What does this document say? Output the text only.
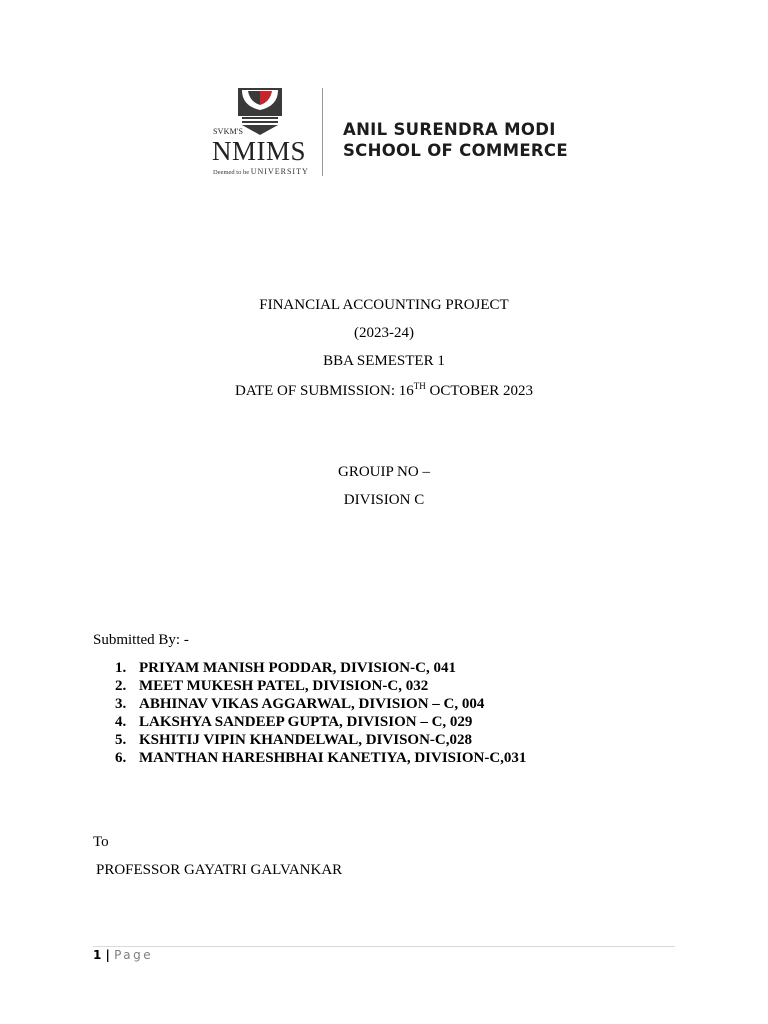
SVKM'S
NMIMS
Deemed to be UNIVERSITY
ANIL SURENDRA MODI
SCHOOL OF COMMERCE
FINANCIAL ACCOUNTING PROJECT
(2023-24)
BBA SEMESTER 1
DATE OF SUBMISSION: 16TH OCTOBER 2023
GROUIP NO –
DIVISION C
Submitted By: -
1. PRIYAM MANISH PODDAR, DIVISION-C, 041
2. MEET MUKESH PATEL, DIVISION-C, 032
3. ABHINAV VIKAS AGGARWAL, DIVISION – C, 004
4. LAKSHYA SANDEEP GUPTA, DIVISION – C, 029
5. KSHITIJ VIPIN KHANDELWAL, DIVISON-C,028
6. MANTHAN HARESHBHAI KANETIYA, DIVISION-C,031
To
PROFESSOR GAYATRI GALVANKAR
1 | Page
